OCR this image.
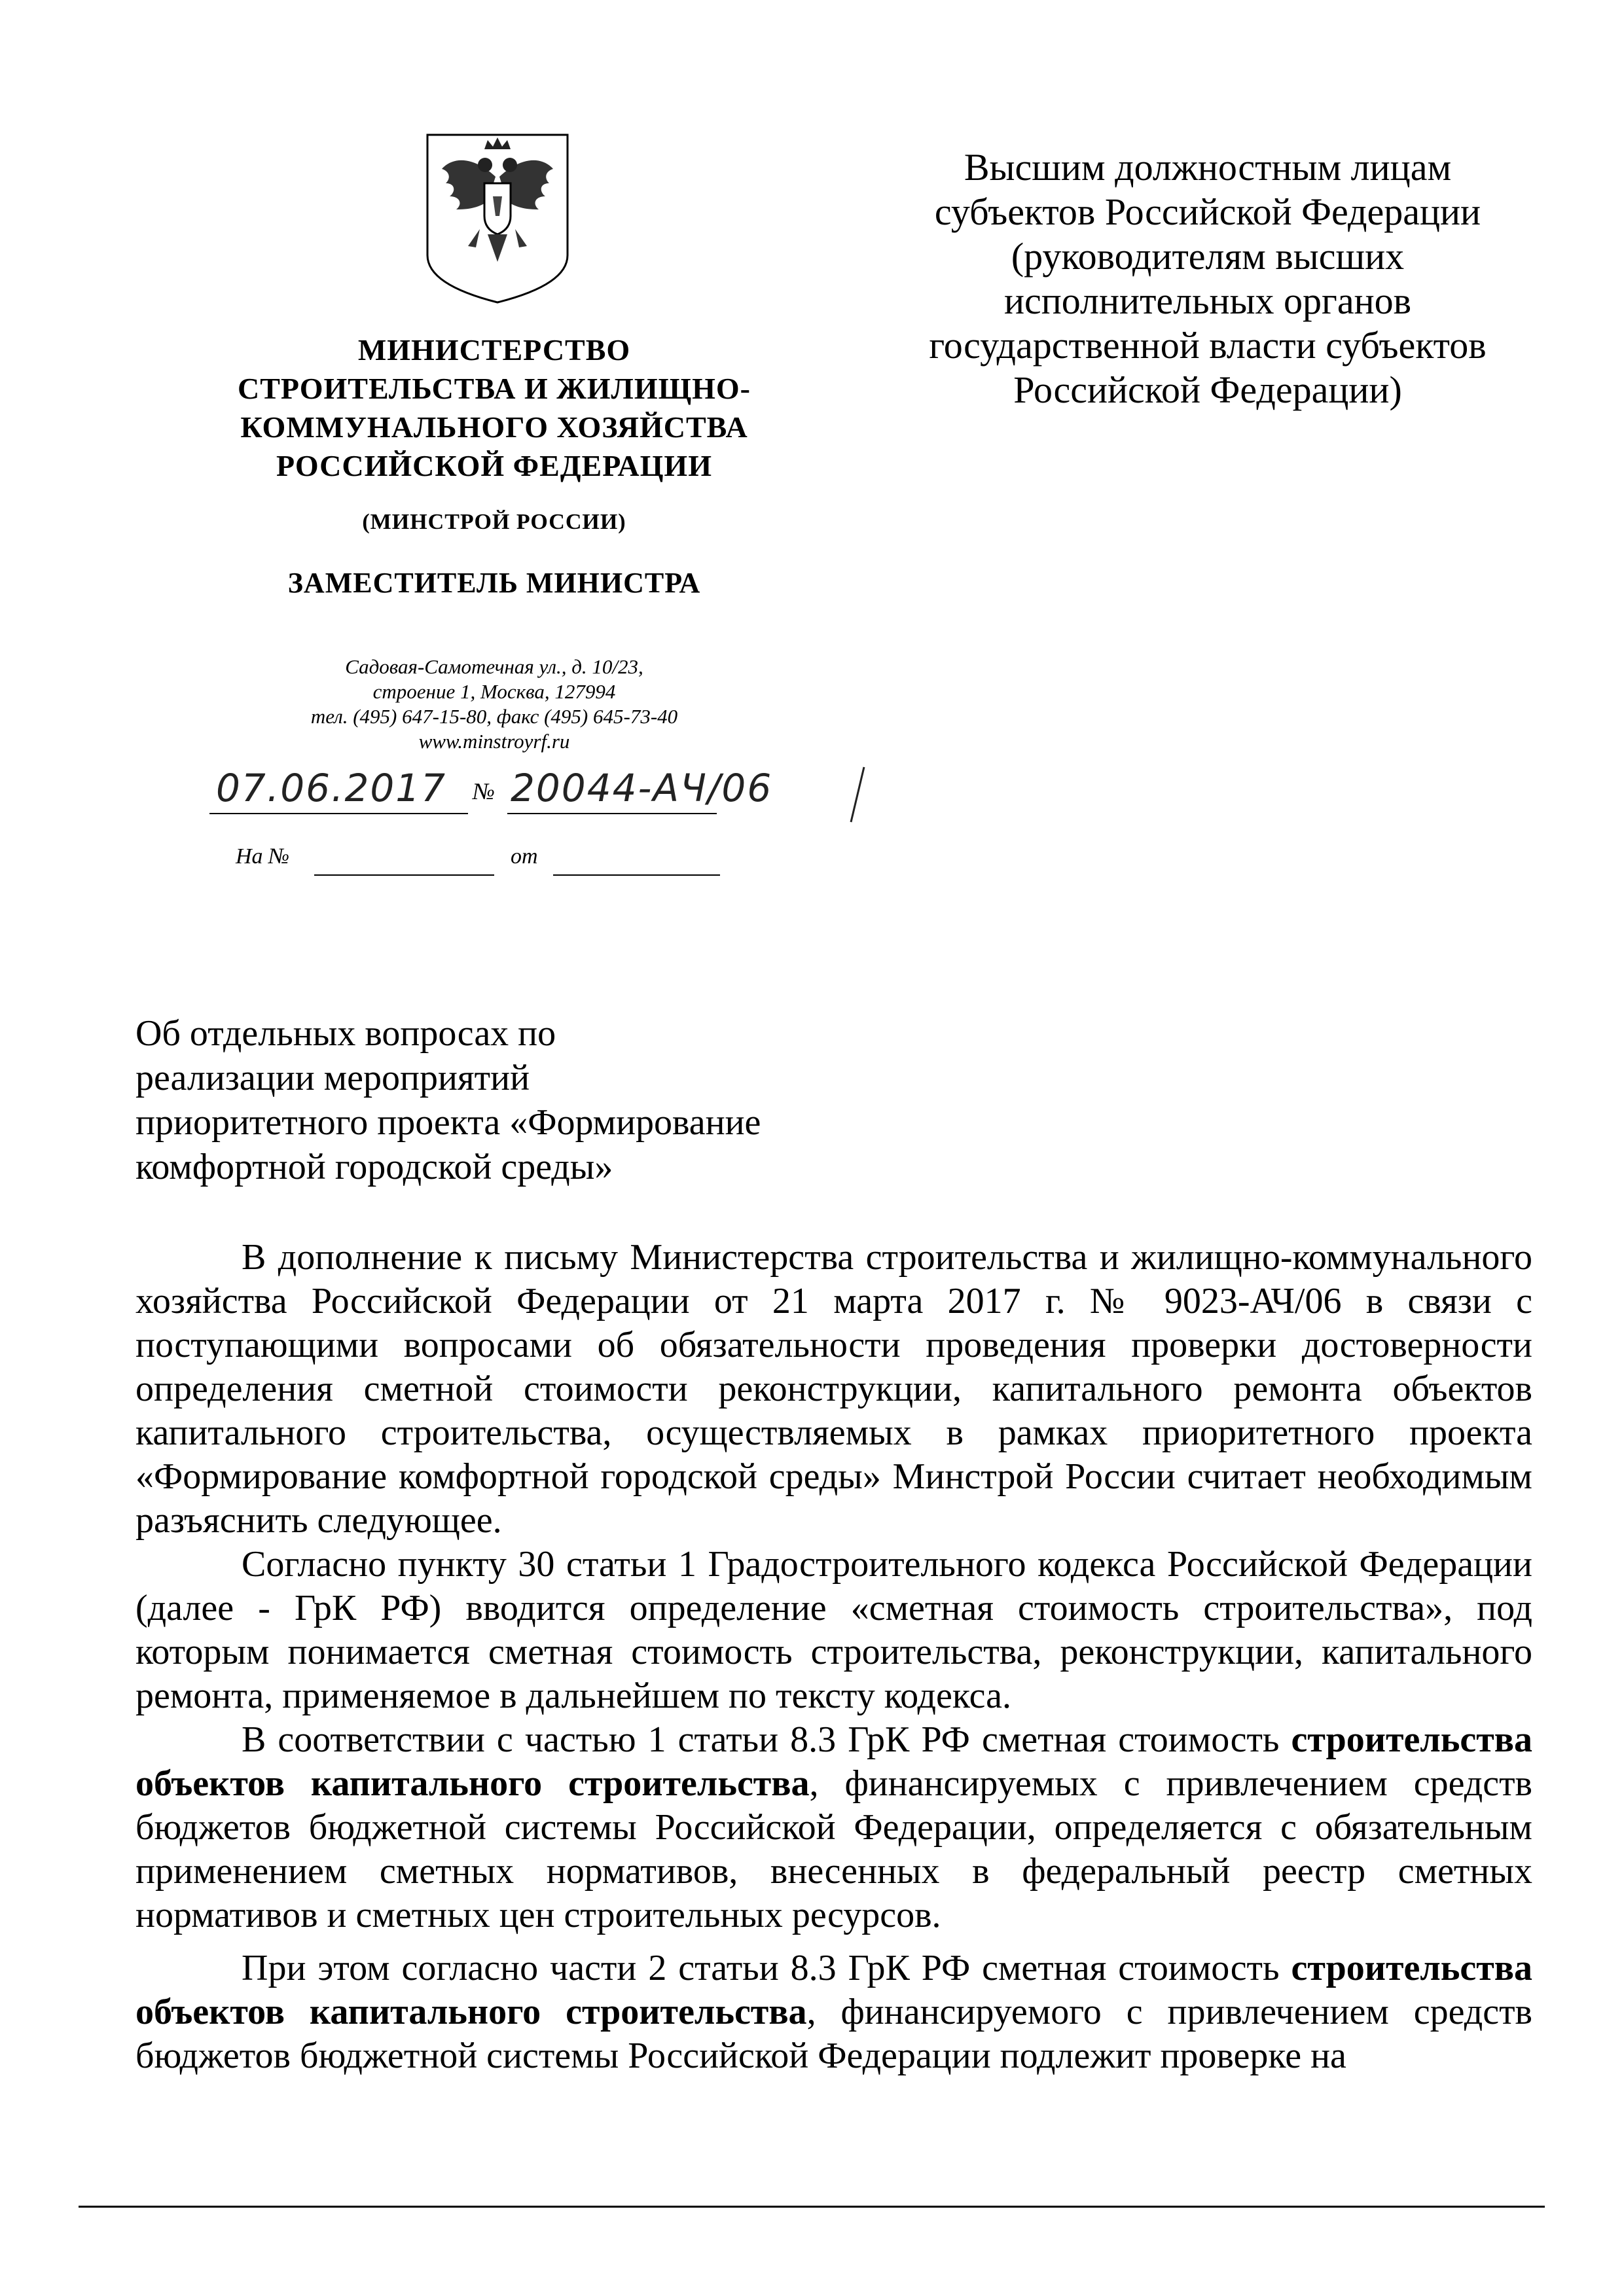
МИНИСТЕРСТВО
СТРОИТЕЛЬСТВА И ЖИЛИЩНО-
КОММУНАЛЬНОГО ХОЗЯЙСТВА
РОССИЙСКОЙ ФЕДЕРАЦИИ
(МИНСТРОЙ РОССИИ)
ЗАМЕСТИТЕЛЬ МИНИСТРА
Садовая-Самотечная ул., д. 10/23,
строение 1, Москва, 127994
тел. (495) 647-15-80, факс (495) 645-73-40
www.minstroyrf.ru
07.06.2017 № 20044-АЧ/06
На №	от
Высшим должностным лицам
субъектов Российской Федерации
(руководителям высших
исполнительных органов
государственной власти субъектов
Российской Федерации)
Об отдельных вопросах по
реализации мероприятий
приоритетного проекта «Формирование
комфортной городской среды»

В дополнение к письму Министерства строительства и жилищно-коммунального хозяйства Российской Федерации от 21 марта 2017 г. № 9023-АЧ/06 в связи с поступающими вопросами об обязательности проведения проверки достоверности определения сметной стоимости реконструкции, капитального ремонта объектов капитального строительства, осуществляемых в рамках приоритетного проекта «Формирование комфортной городской среды» Минстрой России считает необходимым разъяснить следующее.

Согласно пункту 30 статьи 1 Градостроительного кодекса Российской Федерации (далее - ГрК РФ) вводится определение «сметная стоимость строительства», под которым понимается сметная стоимость строительства, реконструкции, капитального ремонта, применяемое в дальнейшем по тексту кодекса.

В соответствии с частью 1 статьи 8.3 ГрК РФ сметная стоимость строительства объектов капитального строительства, финансируемых с привлечением средств бюджетов бюджетной системы Российской Федерации, определяется с обязательным применением сметных нормативов, внесенных в федеральный реестр сметных нормативов и сметных цен строительных ресурсов.

При этом согласно части 2 статьи 8.3 ГрК РФ сметная стоимость строительства объектов капитального строительства, финансируемого с привлечением средств бюджетов бюджетной системы Российской Федерации подлежит проверке на
